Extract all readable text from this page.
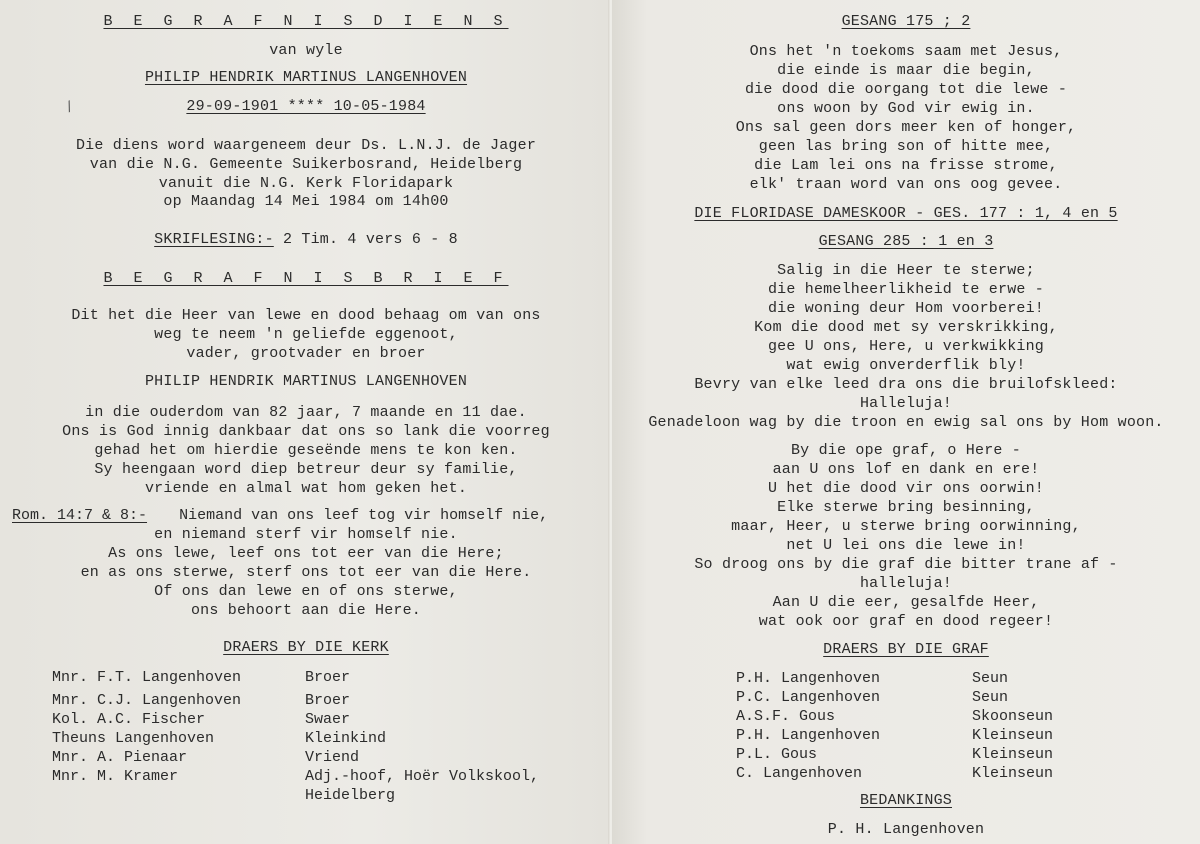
B E G R A F N I S D I E N S
van wyle
PHILIP HENDRIK MARTINUS LANGENHOVEN
29-09-1901 **** 10-05-1984
Die diens word waargeneem deur Ds. L.N.J. de Jager
van die N.G. Gemeente Suikerbosrand, Heidelberg
vanuit die N.G. Kerk Floridapark
op Maandag 14 Mei 1984 om 14h00
SKRIFLESING:- 2 Tim. 4 vers 6 - 8
B E G R A F N I S B R I E F
Dit het die Heer van lewe en dood behaag om van ons
weg te neem 'n geliefde eggenoot,
vader, grootvader en broer
PHILIP HENDRIK MARTINUS LANGENHOVEN
in die ouderdom van 82 jaar, 7 maande en 11 dae.
Ons is God innig dankbaar dat ons so lank die voorreg
gehad het om hierdie geseënde mens te kon ken.
Sy heengaan word diep betreur deur sy familie,
vriende en almal wat hom geken het.
Rom. 14:7 & 8:- Niemand van ons leef tog vir homself nie,
en niemand sterf vir homself nie.
As ons lewe, leef ons tot eer van die Here;
en as ons sterwe, sterf ons tot eer van die Here.
Of ons dan lewe en of ons sterwe,
ons behoort aan die Here.
DRAERS BY DIE KERK
Mnr. F.T. Langenhoven	Broer
Mnr. C.J. Langenhoven	Broer
Kol. A.C. Fischer	Swaer
Theuns Langenhoven	Kleinkind
Mnr. A. Pienaar	Vriend
Mnr. M. Kramer	Adj.-hoof, Hoër Volkskool,
Heidelberg
/
GESANG 175 ; 2
Ons het 'n toekoms saam met Jesus,
die einde is maar die begin,
die dood die oorgang tot die lewe -
ons woon by God vir ewig in.
Ons sal geen dors meer ken of honger,
geen las bring son of hitte mee,
die Lam lei ons na frisse strome,
elk' traan word van ons oog gevee.
DIE FLORIDASE DAMESKOOR - GES. 177 : 1, 4 en 5
GESANG 285 : 1 en 3
Salig in die Heer te sterwe;
die hemelheerlikheid te erwe -
die woning deur Hom voorberei!
Kom die dood met sy verskrikking,
gee U ons, Here, u verkwikking
wat ewig onverderflik bly!
Bevry van elke leed dra ons die bruilofskleed:
Halleluja!
Genadeloon wag by die troon en ewig sal ons by Hom woon.
By die ope graf, o Here -
aan U ons lof en dank en ere!
U het die dood vir ons oorwin!
Elke sterwe bring besinning,
maar, Heer, u sterwe bring oorwinning,
net U lei ons die lewe in!
So droog ons by die graf die bitter trane af -
halleluja!
Aan U die eer, gesalfde Heer,
wat ook oor graf en dood regeer!
DRAERS BY DIE GRAF
P.H. Langenhoven	Seun
P.C. Langenhoven	Seun
A.S.F. Gous	Skoonseun
P.H. Langenhoven	Kleinseun
P.L. Gous	Kleinseun
C. Langenhoven	Kleinseun
BEDANKINGS
P. H. Langenhoven
